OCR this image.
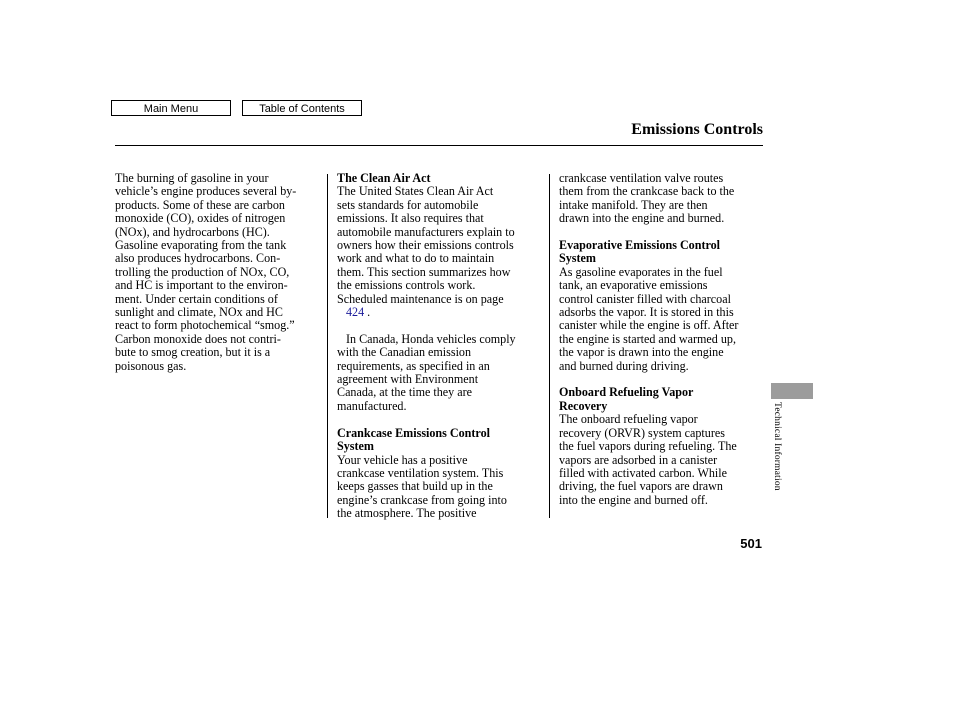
Main Menu	Table of Contents
Emissions Controls

The burning of gasoline in your

vehicle’s engine produces several by-

products. Some of these are carbon

monoxide (CO), oxides of nitrogen

(NOx), and hydrocarbons (HC).

Gasoline evaporating from the tank

also produces hydrocarbons. Con-

trolling the production of NOx, CO,

and HC is important to the environ-

ment. Under certain conditions of

sunlight and climate, NOx and HC

react to form photochemical “smog.”

Carbon monoxide does not contri-

bute to smog creation, but it is a

poisonous gas.

The Clean Air Act

The United States Clean Air Act

sets standards for automobile

emissions. It also requires that

automobile manufacturers explain to

owners how their emissions controls

work and what to do to maintain

them. This section summarizes how

the emissions controls work.

Scheduled maintenance is on page

424 .

In Canada, Honda vehicles comply

with the Canadian emission

requirements, as specified in an

agreement with Environment

Canada, at the time they are

manufactured.

Crankcase Emissions Control

System

Your vehicle has a positive

crankcase ventilation system. This

keeps gasses that build up in the

engine’s crankcase from going into

the atmosphere. The positive

crankcase ventilation valve routes

them from the crankcase back to the

intake manifold. They are then

drawn into the engine and burned.

Evaporative Emissions Control

System

As gasoline evaporates in the fuel

tank, an evaporative emissions

control canister filled with charcoal

adsorbs the vapor. It is stored in this

canister while the engine is off. After

the engine is started and warmed up,

the vapor is drawn into the engine

and burned during driving.

Onboard Refueling Vapor

Recovery

The onboard refueling vapor

recovery (ORVR) system captures

the fuel vapors during refueling. The

vapors are adsorbed in a canister

filled with activated carbon. While

driving, the fuel vapors are drawn

into the engine and burned off.

Technical Information
501
